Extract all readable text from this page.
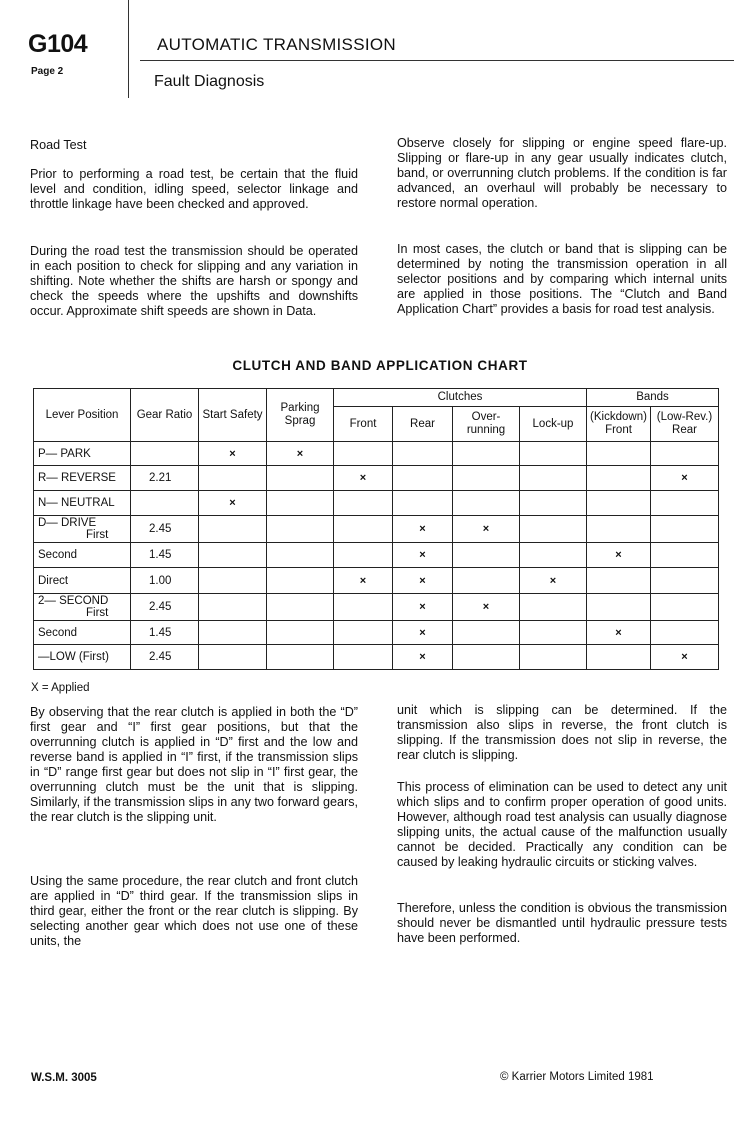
G104
Page 2
AUTOMATIC TRANSMISSION
Fault Diagnosis
Road Test
Prior to performing a road test, be certain that the fluid level and condition, idling speed, selector linkage and throttle linkage have been checked and approved.
During the road test the transmission should be operated in each position to check for slipping and any variation in shifting. Note whether the shifts are harsh or spongy and check the speeds where the upshifts and downshifts occur. Approximate shift speeds are shown in Data.
Observe closely for slipping or engine speed flare-up. Slipping or flare-up in any gear usually indicates clutch, band, or overrunning clutch problems. If the condition is far advanced, an overhaul will probably be necessary to restore normal operation.
In most cases, the clutch or band that is slipping can be determined by noting the transmission operation in all selector positions and by comparing which internal units are applied in those positions. The “Clutch and Band Application Chart” provides a basis for road test analysis.
CLUTCH AND BAND APPLICATION CHART
Lever Position	Gear Ratio	Start Safety	Parking Sprag	Clutches				Bands	
				Front	Rear	Over- running	Lock-up	(Kickdown) Front	(Low-Rev.) Rear
P— PARK		×	×						
R— REVERSE	2.21			×					×
N— NEUTRAL		×							
D— DRIVE
First	2.45				×	×			
Second	1.45				×			×	
Direct	1.00			×	×		×		
2— SECOND
First	2.45				×	×			
Second	1.45				×			×	
—LOW (First)	2.45				×				×
X = Applied
By observing that the rear clutch is applied in both the “D” first gear and “I” first gear positions, but that the overrunning clutch is applied in “D” first and the low and reverse band is applied in “I” first, if the transmission slips in “D” range first gear but does not slip in “I” first gear, the overrunning clutch must be the unit that is slipping. Similarly, if the transmission slips in any two forward gears, the rear clutch is the slipping unit.
Using the same procedure, the rear clutch and front clutch are applied in “D” third gear. If the transmission slips in third gear, either the front or the rear clutch is slipping. By selecting another gear which does not use one of these units, the
unit which is slipping can be determined. If the transmission also slips in reverse, the front clutch is slipping. If the transmission does not slip in reverse, the rear clutch is slipping.
This process of elimination can be used to detect any unit which slips and to confirm proper operation of good units. However, although road test analysis can usually diagnose slipping units, the actual cause of the malfunction usually cannot be decided. Practically any condition can be caused by leaking hydraulic circuits or sticking valves.
Therefore, unless the condition is obvious the transmission should never be dismantled until hydraulic pressure tests have been performed.
W.S.M. 3005	© Karrier Motors Limited 1981
